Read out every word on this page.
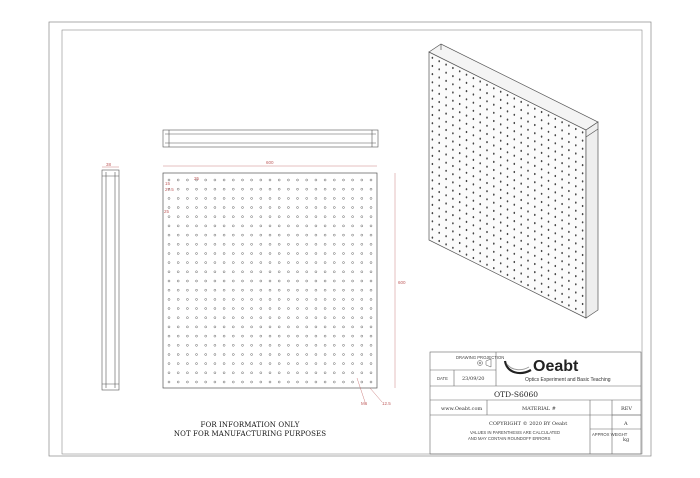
38	600
600
15
27.5
25
25
M6	12.5
DRAWING PROJECTION
DATE	23/09/20
Oeabt
Optics Experiment and Basic Teaching
OTD-S6060
www.Oeabt.com	MATERIAL #	REV
A
COPYRIGHT © 2020 BY Oeabt
VALUES IN PARENTHESIS ARE CALCULATED
AND MAY CONTAIN ROUNDOFF ERRORS
APPROX WEIGHT
kg
FOR INFORMATION ONLY
NOT FOR MANUFACTURING PURPOSES
